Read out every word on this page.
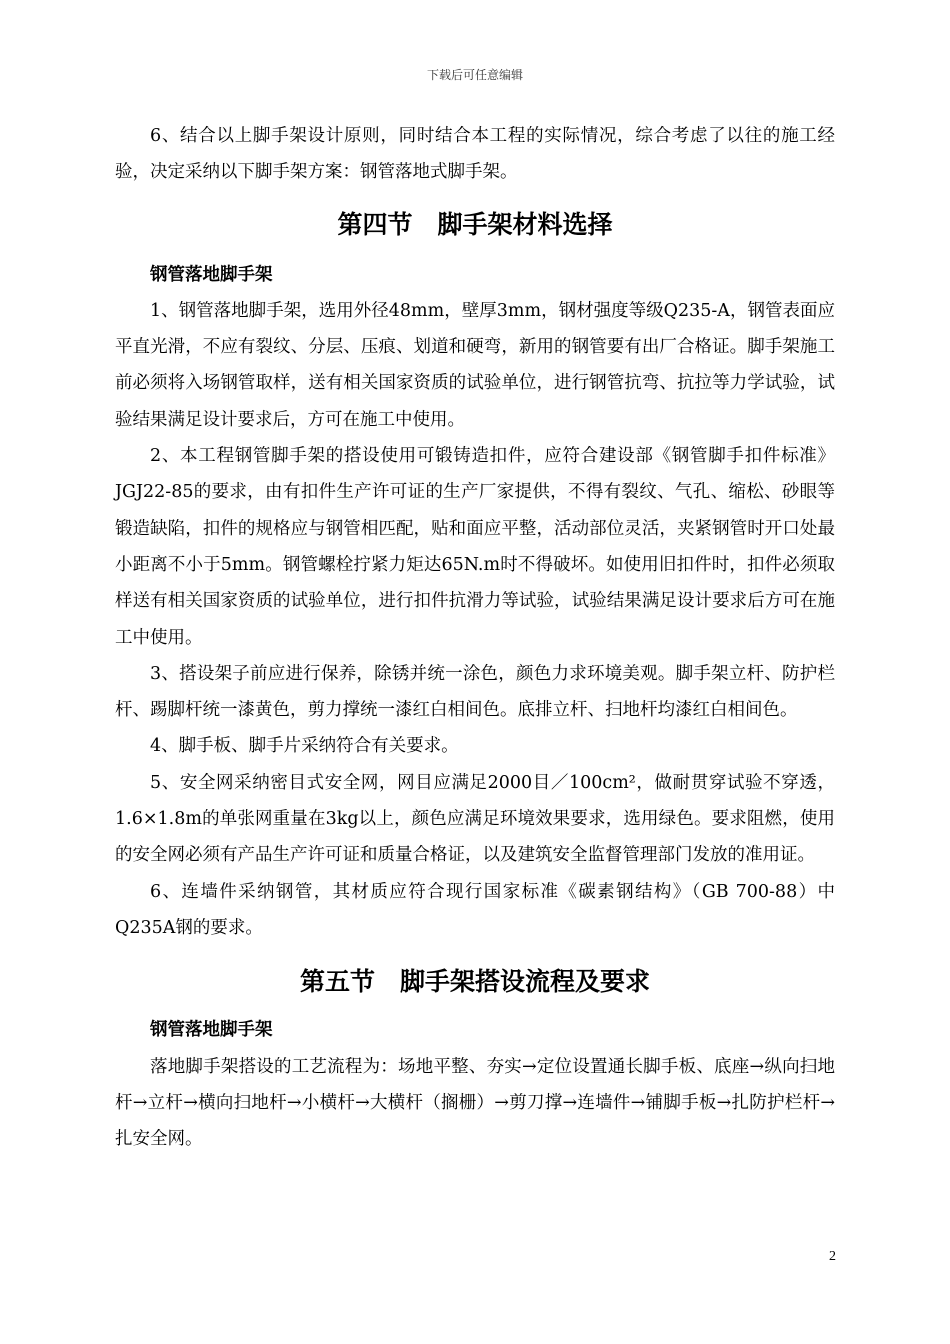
下载后可任意编辑

6、结合以上脚手架设计原则，同时结合本工程的实际情况，综合考虑了以往的施工经验，决定采纳以下脚手架方案：钢管落地式脚手架。

第四节　脚手架材料选择

钢管落地脚手架

1、钢管落地脚手架，选用外径48mm，壁厚3mm，钢材强度等级Q235-A，钢管表面应平直光滑，不应有裂纹、分层、压痕、划道和硬弯，新用的钢管要有出厂合格证。脚手架施工前必须将入场钢管取样，送有相关国家资质的试验单位，进行钢管抗弯、抗拉等力学试验，试验结果满足设计要求后，方可在施工中使用。

2、本工程钢管脚手架的搭设使用可锻铸造扣件，应符合建设部《钢管脚手扣件标准》JGJ22-85的要求，由有扣件生产许可证的生产厂家提供，不得有裂纹、气孔、缩松、砂眼等锻造缺陷，扣件的规格应与钢管相匹配，贴和面应平整，活动部位灵活，夹紧钢管时开口处最小距离不小于5mm。钢管螺栓拧紧力矩达65N.m时不得破坏。如使用旧扣件时，扣件必须取样送有相关国家资质的试验单位，进行扣件抗滑力等试验，试验结果满足设计要求后方可在施工中使用。

3、搭设架子前应进行保养，除锈并统一涂色，颜色力求环境美观。脚手架立杆、防护栏杆、踢脚杆统一漆黄色，剪力撑统一漆红白相间色。底排立杆、扫地杆均漆红白相间色。

4、脚手板、脚手片采纳符合有关要求。

5、安全网采纳密目式安全网，网目应满足2000目／100cm²，做耐贯穿试验不穿透，1.6×1.8m的单张网重量在3kg以上，颜色应满足环境效果要求，选用绿色。要求阻燃，使用的安全网必须有产品生产许可证和质量合格证，以及建筑安全监督管理部门发放的准用证。

6、连墙件采纳钢管，其材质应符合现行国家标准《碳素钢结构》（GB 700-88）中Q235A钢的要求。

第五节　脚手架搭设流程及要求

钢管落地脚手架

落地脚手架搭设的工艺流程为：场地平整、夯实→定位设置通长脚手板、底座→纵向扫地杆→立杆→横向扫地杆→小横杆→大横杆（搁栅）→剪刀撑→连墙件→铺脚手板→扎防护栏杆→扎安全网。

2
